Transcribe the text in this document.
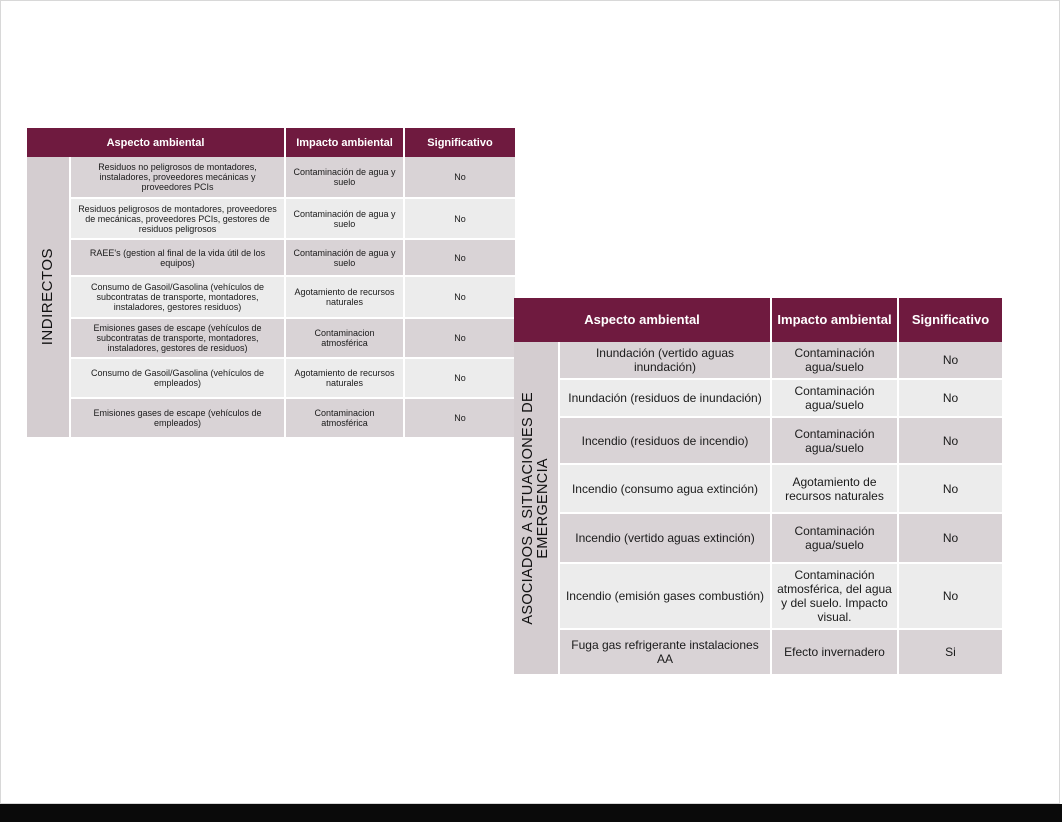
Aspecto ambiental		Impacto ambiental	Significativo

INDIRECTOS	Residuos no peligrosos de montadores, instaladores, proveedores mecánicas y proveedores PCIs	Contaminación de agua y suelo	No
	Residuos peligrosos de montadores, proveedores de mecánicas, proveedores PCIs, gestores de residuos peligrosos	Contaminación de agua y suelo	No
	RAEE's (gestion al final de la vida útil de los equipos)	Contaminación de agua y suelo	No
	Consumo de Gasoil/Gasolina (vehículos de subcontratas de transporte, montadores, instaladores, gestores residuos)	Agotamiento de recursos naturales	No
	Emisiones gases de escape (vehículos de subcontratas de transporte, montadores, instaladores, gestores de residuos)	Contaminacion atmosférica	No
	Consumo de Gasoil/Gasolina (vehículos de empleados)	Agotamiento de recursos naturales	No
	Emisiones gases de escape (vehículos de empleados)	Contaminacion atmosférica	No
Aspecto ambiental		Impacto ambiental	Significativo

ASOCIADOS A SITUACIONES DE
EMERGENCIA	Inundación (vertido aguas inundación)	Contaminación agua/suelo	No
	Inundación (residuos de inundación)	Contaminación agua/suelo	No
	Incendio (residuos de incendio)	Contaminación agua/suelo	No
	Incendio (consumo agua extinción)	Agotamiento de recursos naturales	No
	Incendio (vertido aguas extinción)	Contaminación agua/suelo	No
	Incendio (emisión gases combustión)	Contaminación atmosférica, del agua y del suelo. Impacto visual.	No
	Fuga gas refrigerante instalaciones AA	Efecto invernadero	Si
